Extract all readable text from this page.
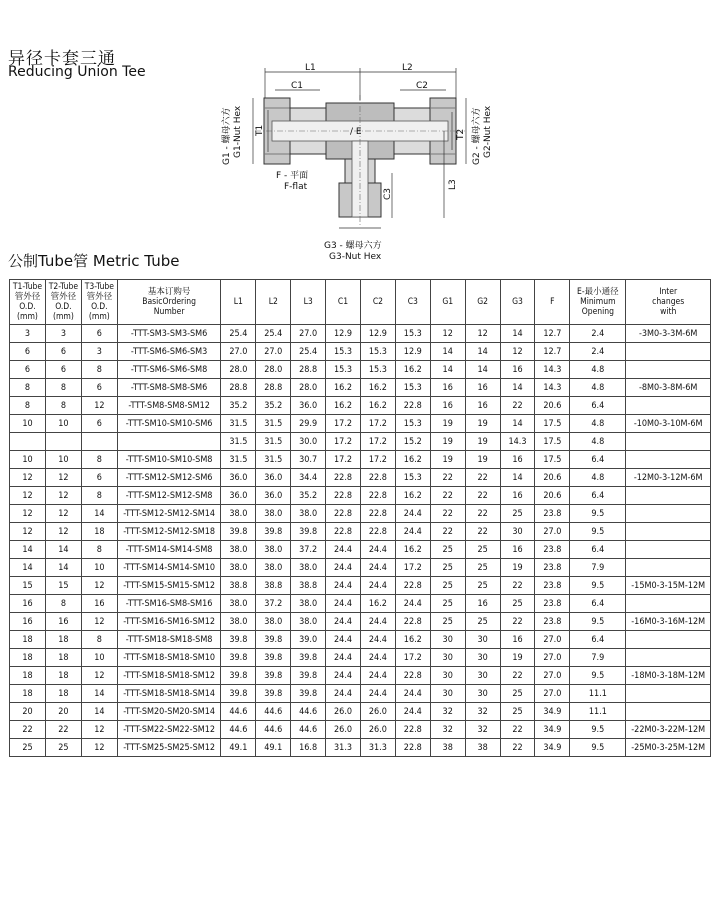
异径卡套三通
Reducing Union Tee	L1	L2
C1	C2
T1	T2
/ E
L3
C3
G1 - 螺母六方 G1-Nut Hex	G2 - 螺母六方 G2-Nut Hex
F - 平面
F-flat
G3 - 螺母六方
G3-Nut Hex
公制Tube管 Metric Tube
T1-Tube
管外径
O.D. (mm)	T2-Tube
管外径
O.D. (mm)	T3-Tube
管外径
O.D. (mm)	基本订购号
BasicOrdering
Number	L1	L2	L3	C1	C2	C3	G1	G2	G3	F	E-最小通径
Minimum
Opening	Inter
changes
with

3	3	6	-TTT-SM3-SM3-SM6	25.4	25.4	27.0	12.9	12.9	15.3	12	12	14	12.7	2.4	-3M0-3-3M-6M
6	6	3	-TTT-SM6-SM6-SM3	27.0	27.0	25.4	15.3	15.3	12.9	14	14	12	12.7	2.4	
6	6	8	-TTT-SM6-SM6-SM8	28.0	28.0	28.8	15.3	15.3	16.2	14	14	16	14.3	4.8	
8	8	6	-TTT-SM8-SM8-SM6	28.8	28.8	28.0	16.2	16.2	15.3	16	16	14	14.3	4.8	-8M0-3-8M-6M
8	8	12	-TTT-SM8-SM8-SM12	35.2	35.2	36.0	16.2	16.2	22.8	16	16	22	20.6	6.4	
10	10	6	-TTT-SM10-SM10-SM6	31.5	31.5	29.9	17.2	17.2	15.3	19	19	14	17.5	4.8	-10M0-3-10M-6M
				31.5	31.5	30.0	17.2	17.2	15.2	19	19	14.3	17.5	4.8	
10	10	8	-TTT-SM10-SM10-SM8	31.5	31.5	30.7	17.2	17.2	16.2	19	19	16	17.5	6.4	
12	12	6	-TTT-SM12-SM12-SM6	36.0	36.0	34.4	22.8	22.8	15.3	22	22	14	20.6	4.8	-12M0-3-12M-6M
12	12	8	-TTT-SM12-SM12-SM8	36.0	36.0	35.2	22.8	22.8	16.2	22	22	16	20.6	6.4	
12	12	14	-TTT-SM12-SM12-SM14	38.0	38.0	38.0	22.8	22.8	24.4	22	22	25	23.8	9.5	
12	12	18	-TTT-SM12-SM12-SM18	39.8	39.8	39.8	22.8	22.8	24.4	22	22	30	27.0	9.5	
14	14	8	-TTT-SM14-SM14-SM8	38.0	38.0	37.2	24.4	24.4	16.2	25	25	16	23.8	6.4	
14	14	10	-TTT-SM14-SM14-SM10	38.0	38.0	38.0	24.4	24.4	17.2	25	25	19	23.8	7.9	
15	15	12	-TTT-SM15-SM15-SM12	38.8	38.8	38.8	24.4	24.4	22.8	25	25	22	23.8	9.5	-15M0-3-15M-12M
16	8	16	-TTT-SM16-SM8-SM16	38.0	37.2	38.0	24.4	16.2	24.4	25	16	25	23.8	6.4	
16	16	12	-TTT-SM16-SM16-SM12	38.0	38.0	38.0	24.4	24.4	22.8	25	25	22	23.8	9.5	-16M0-3-16M-12M
18	18	8	-TTT-SM18-SM18-SM8	39.8	39.8	39.0	24.4	24.4	16.2	30	30	16	27.0	6.4	
18	18	10	-TTT-SM18-SM18-SM10	39.8	39.8	39.8	24.4	24.4	17.2	30	30	19	27.0	7.9	
18	18	12	-TTT-SM18-SM18-SM12	39.8	39.8	39.8	24.4	24.4	22.8	30	30	22	27.0	9.5	-18M0-3-18M-12M
18	18	14	-TTT-SM18-SM18-SM14	39.8	39.8	39.8	24.4	24.4	24.4	30	30	25	27.0	11.1	
20	20	14	-TTT-SM20-SM20-SM14	44.6	44.6	44.6	26.0	26.0	24.4	32	32	25	34.9	11.1	
22	22	12	-TTT-SM22-SM22-SM12	44.6	44.6	44.6	26.0	26.0	22.8	32	32	22	34.9	9.5	-22M0-3-22M-12M
25	25	12	-TTT-SM25-SM25-SM12	49.1	49.1	16.8	31.3	31.3	22.8	38	38	22	34.9	9.5	-25M0-3-25M-12M
